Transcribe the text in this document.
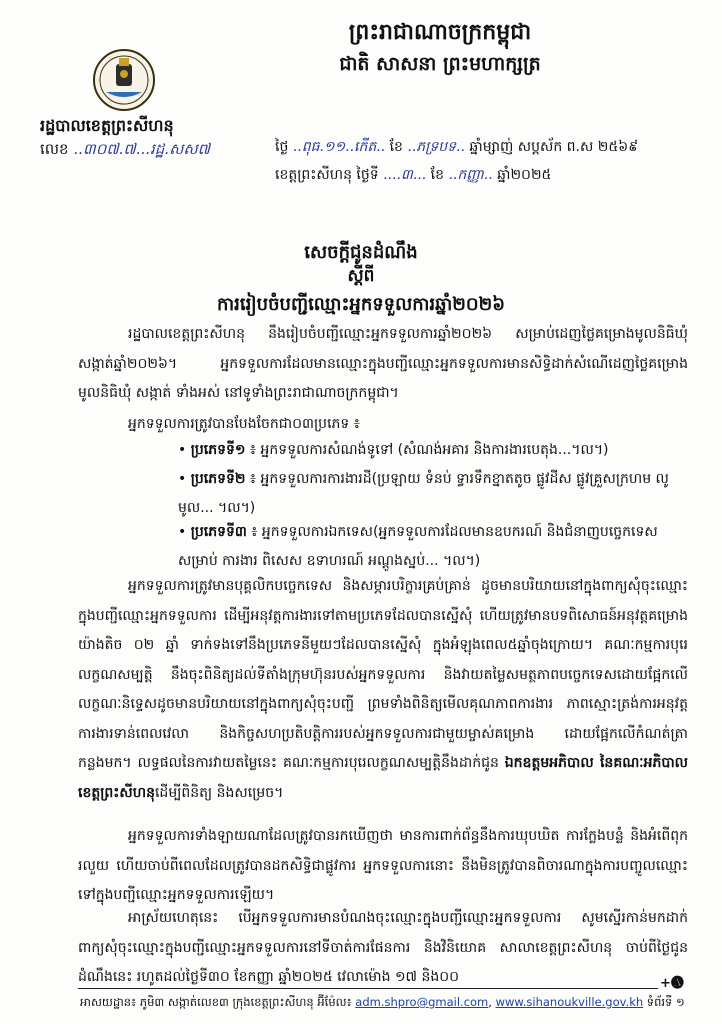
ព្រះរាជាណាចក្រកម្ពុជា
ជាតិ សាសនា ព្រះមហាក្សត្រ
រដ្ឋបាលខេត្តព្រះសីហនុ
លេខ ..៣០៧.៧...រដ្ឋ.សស៧	ថ្ងៃ ..ពុធ.១១..កើត.. ខែ ..ភទ្របទ.. ឆ្នាំម្សាញ់ សប្តស័ក ព.ស ២៥៦៩
ខេត្តព្រះសីហនុ ថ្ងៃទី ....៣... ខែ ..កញ្ញា.. ឆ្នាំ២០២៥
សេចក្តីជូនដំណឹង
ស្តីពី
ការរៀបចំបញ្ជីឈ្មោះអ្នកទទួលការឆ្នាំ២០២៦
រដ្ឋបាលខេត្តព្រះសីហនុ នឹងរៀបចំបញ្ជីឈ្មោះអ្នកទទួលការឆ្នាំ២០២៦ សម្រាប់ដេញថ្លៃគម្រោងមូលនិធិឃុំ សង្កាត់ឆ្នាំ២០២៦។ អ្នកទទួលការដែលមានឈ្មោះក្នុងបញ្ជីឈ្មោះអ្នកទទួលការមានសិទ្ធិដាក់សំណើដេញថ្លៃគម្រោងមូលនិធិឃុំ សង្កាត់ ទាំងអស់ នៅទូទាំងព្រះរាជាណាចក្រកម្ពុជា។
អ្នកទទួលការត្រូវបានបែងចែកជា០៣ប្រភេទ ៖
• ប្រភេទទី១ ៖ អ្នកទទួលការសំណង់ទូទៅ (សំណង់អគារ និងការងារបេតុង...។ល។)
• ប្រភេទទី២ ៖ អ្នកទទួលការការងារដី(ប្រឡាយ ទំនប់ ទ្វារទឹកខ្នាតតូច ផ្លូវដីស ផ្លូវគ្រួសក្រហម លូមូល... ។ល។)
• ប្រភេទទី៣ ៖ អ្នកទទួលការឯកទេស(អ្នកទទួលការដែលមានឧបករណ៍ និងជំនាញបច្ចេកទេសសម្រាប់ ការងារ ពិសេស ឧទាហរណ៍ អណ្តូងស្នប់... ។ល។)
អ្នកទទួលការត្រូវមានបុគ្គលិកបច្ចេកទេស និងសម្ភារបរិក្ខារគ្រប់គ្រាន់ ដូចមានបរិយាយនៅក្នុងពាក្យសុំចុះឈ្មោះក្នុងបញ្ជីឈ្មោះអ្នកទទួលការ ដើម្បីអនុវត្តការងារទៅតាមប្រភេទដែលបានស្នើសុំ ហើយត្រូវមានបទពិសោធន៍អនុវត្តគម្រោងយ៉ាងតិច ០២ ឆ្នាំ ទាក់ទងទៅនឹងប្រភេទនីមួយៗដែលបានស្នើសុំ ក្នុងអំឡុងពេល៥ឆ្នាំចុងក្រោយ។ គណៈកម្មការបុរេលក្ខណសម្បត្តិ នឹងចុះពិនិត្យដល់ទីតាំងក្រុមហ៊ុនរបស់អ្នកទទួលការ និងវាយតម្លៃសមត្ថភាពបច្ចេកទេសដោយផ្អែកលើលក្ខណៈនិទ្ទេសដូចមានបរិយាយនៅក្នុងពាក្យសុំចុះបញ្ជី ព្រមទាំងពិនិត្យមើលគុណភាពការងារ ភាពស្មោះត្រង់ការអនុវត្តការងារទាន់ពេលវេលា និងកិច្ចសហប្រតិបត្តិការរបស់អ្នកទទួលការជាមួយម្ចាស់គម្រោង ដោយផ្អែកលើកំណត់ត្រាកន្លងមក។ លទ្ធផលនៃការវាយតម្លៃនេះ គណៈកម្មការបុរេលក្ខណសម្បត្តិនឹងដាក់ជូន ឯកឧត្តមអភិបាល នៃគណៈអភិបាលខេត្តព្រះសីហនុដើម្បីពិនិត្យ និងសម្រេច។
អ្នកទទួលការទាំងឡាយណាដែលត្រូវបានរកឃើញថា មានការពាក់ព័ន្ធនឹងការឃុបឃិត ការក្លែងបន្លំ និងអំពើពុករលួយ ហើយចាប់ពីពេលដែលត្រូវបានដកសិទ្ធិជាផ្លូវការ អ្នកទទួលការនោះ នឹងមិនត្រូវបានពិចារណាក្នុងការបញ្ចូលឈ្មោះទៅក្នុងបញ្ជីឈ្មោះអ្នកទទួលការឡើយ។
អាស្រ័យហេតុនេះ បើអ្នកទទួលការមានបំណងចុះឈ្មោះក្នុងបញ្ជីឈ្មោះអ្នកទទួលការ សូមស្នើរកាន់មកដាក់ពាក្យសុំចុះឈ្មោះក្នុងបញ្ជីឈ្មោះអ្នកទទួលការនៅទីចាត់ការផែនការ និងវិនិយោគ សាលាខេត្តព្រះសីហនុ ចាប់ពីថ្ងៃជូនដំណឹងនេះ រហូតដល់ថ្ងៃទី៣០ ខែកញ្ញា ឆ្នាំ២០២៥ វេលាម៉ោង ១៧ និង០០	+🅐
អាសយដ្ឋាន៖ ភូមិ៣ សង្កាត់លេខ៣ ក្រុងខេត្តព្រះសីហនុ អ៊ីម៉ែល៖ adm.shpro@gmail.com, www.sihanoukville.gov.kh ទំព័រទី ១
